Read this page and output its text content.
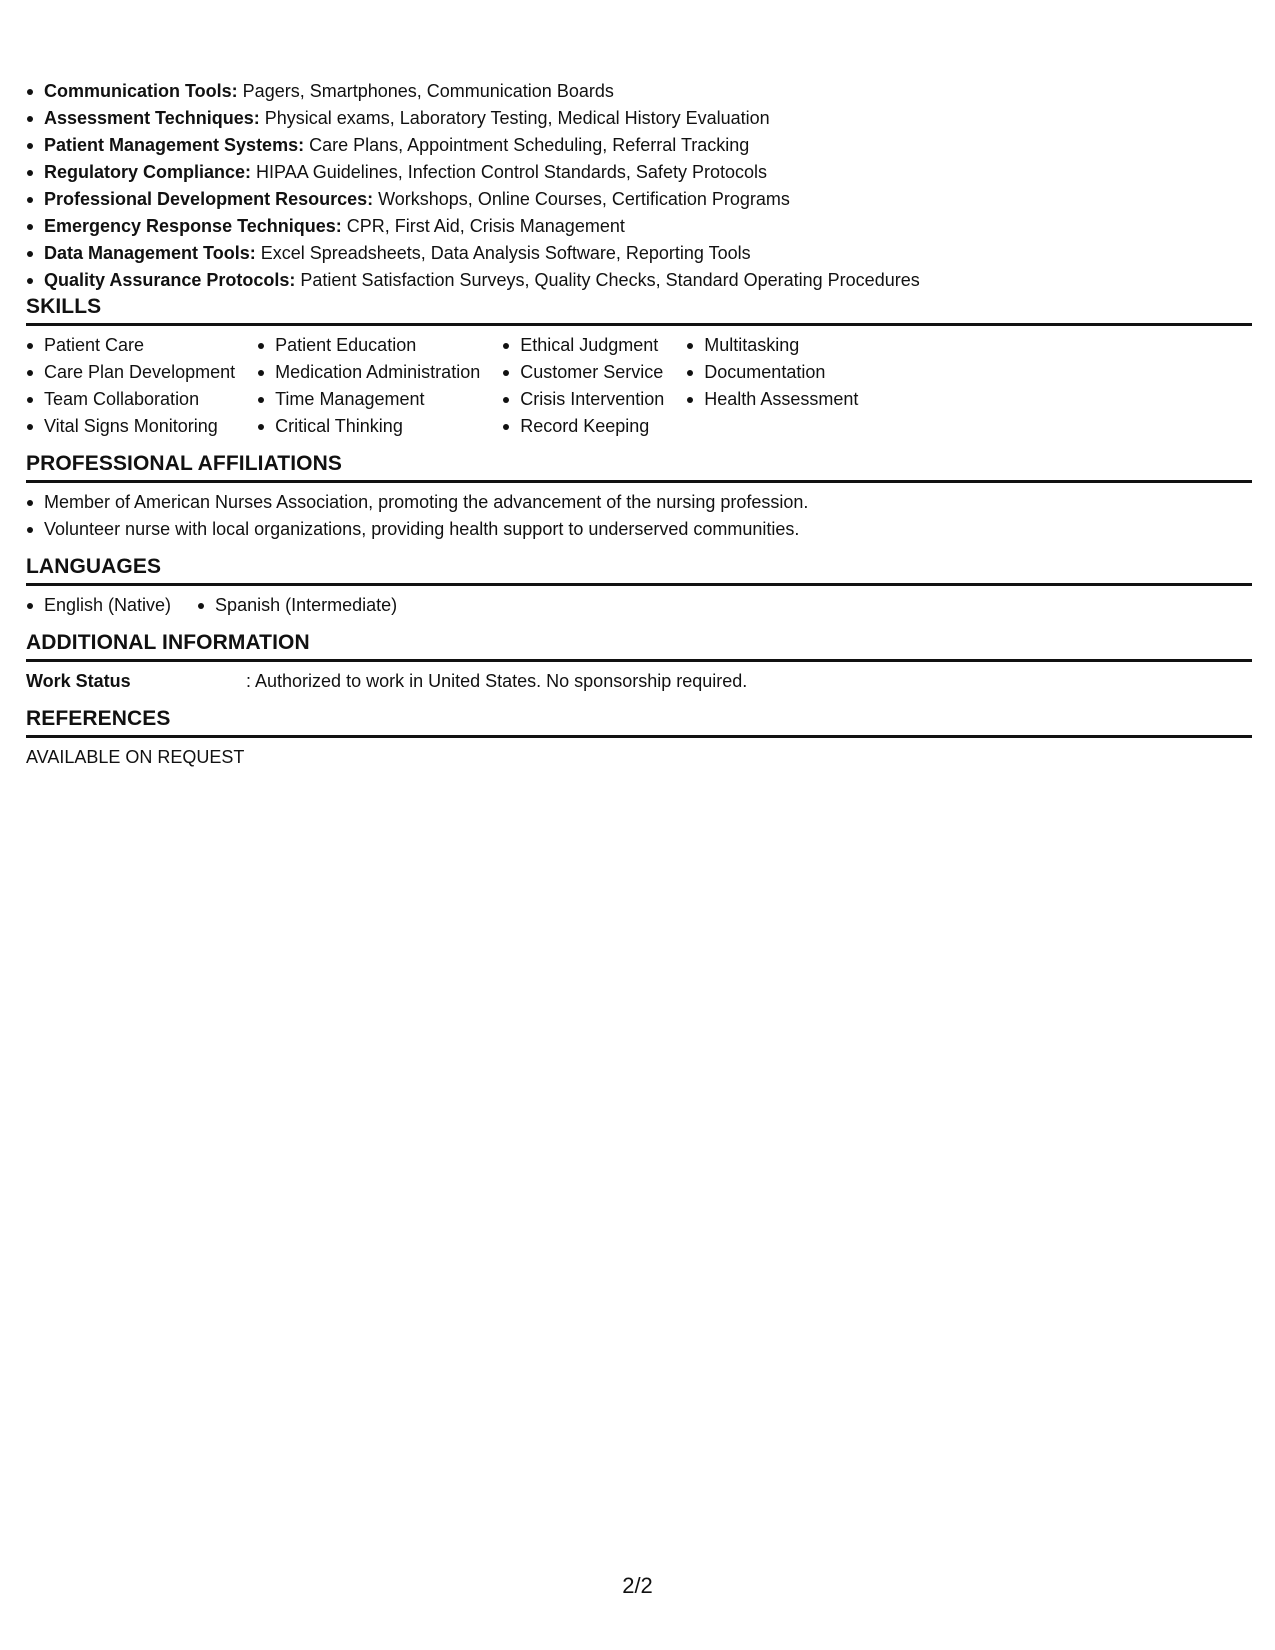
Communication Tools: Pagers, Smartphones, Communication Boards
Assessment Techniques: Physical exams, Laboratory Testing, Medical History Evaluation
Patient Management Systems: Care Plans, Appointment Scheduling, Referral Tracking
Regulatory Compliance: HIPAA Guidelines, Infection Control Standards, Safety Protocols
Professional Development Resources: Workshops, Online Courses, Certification Programs
Emergency Response Techniques: CPR, First Aid, Crisis Management
Data Management Tools: Excel Spreadsheets, Data Analysis Software, Reporting Tools
Quality Assurance Protocols: Patient Satisfaction Surveys, Quality Checks, Standard Operating Procedures
SKILLS
Patient Care
Care Plan Development
Team Collaboration
Vital Signs Monitoring
Patient Education
Medication Administration
Time Management
Critical Thinking
Ethical Judgment
Customer Service
Crisis Intervention
Record Keeping
Multitasking
Documentation
Health Assessment
PROFESSIONAL AFFILIATIONS
Member of American Nurses Association, promoting the advancement of the nursing profession.
Volunteer nurse with local organizations, providing health support to underserved communities.
LANGUAGES
English (Native)	Spanish (Intermediate)
ADDITIONAL INFORMATION
Work Status	: Authorized to work in United States. No sponsorship required.
REFERENCES
AVAILABLE ON REQUEST
2/2
